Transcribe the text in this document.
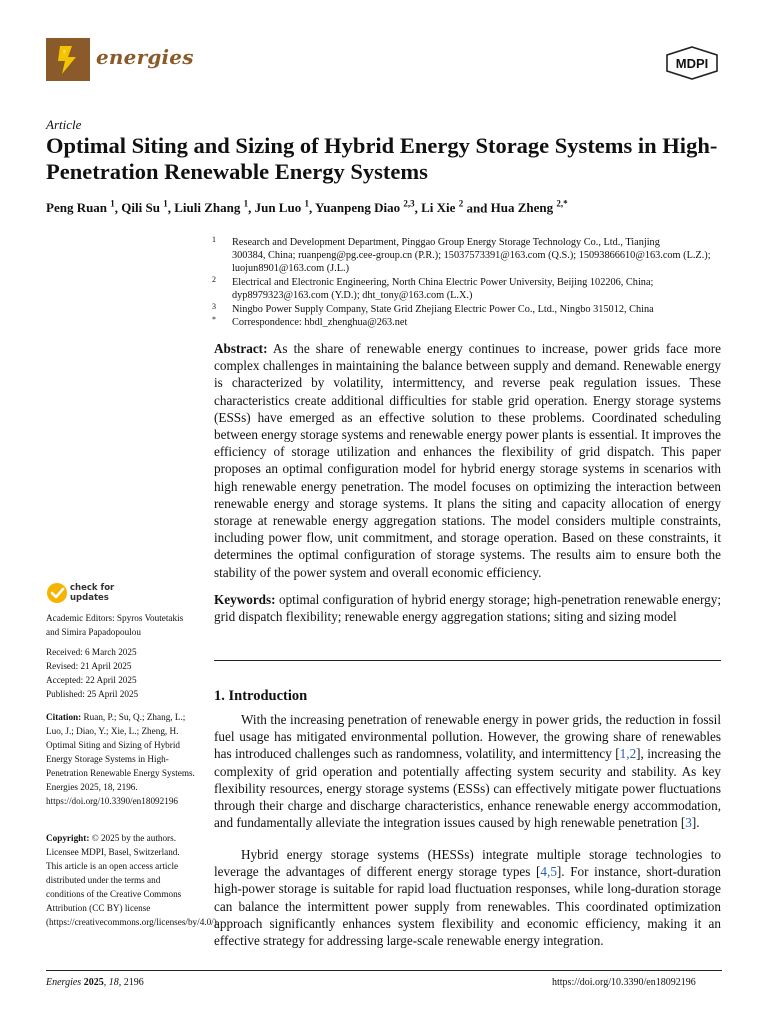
energies	MDPI
Article
Optimal Siting and Sizing of Hybrid Energy Storage Systems in High-Penetration Renewable Energy Systems
Peng Ruan $^1$, Qili Su $^1$, Liuli Zhang $^1$, Jun Luo $^1$, Yuanpeng Diao $^{2,3}$, Li Xie $^2$ and Hua Zheng $^{2,*}$
1	Research and Development Department, Pinggao Group Energy Storage Technology Co., Ltd., Tianjing
300384, China; ruanpeng@pg.cee-group.cn (P.R.); 15037573391@163.com (Q.S.); 15093866610@163.com (L.Z.);
luojun8901@163.com (J.L.)
2	Electrical and Electronic Engineering, North China Electric Power University, Beijing 102206, China;
dyp8979323@163.com (Y.D.); dht_tony@163.com (L.X.)
3	Ningbo Power Supply Company, State Grid Zhejiang Electric Power Co., Ltd., Ningbo 315012, China
*	Correspondence: hbdl_zhenghua@263.net
Abstract: As the share of renewable energy continues to increase, power grids face more complex challenges in maintaining the balance between supply and demand. Renewable energy is characterized by volatility, intermittency, and reverse peak regulation issues. These characteristics create additional difficulties for stable grid operation. Energy storage systems (ESSs) have emerged as an effective solution to these problems. Coordinated scheduling between energy storage systems and renewable energy power plants is essential. It improves the efficiency of storage utilization and enhances the flexibility of grid dispatch. This paper proposes an optimal configuration model for hybrid energy storage systems in scenarios with high renewable energy penetration. The model focuses on optimizing the interaction between renewable energy and storage systems. It plans the siting and capacity allocation of energy storage at renewable energy aggregation stations. The model considers multiple constraints, including power flow, unit commitment, and storage operation. Based on these constraints, it determines the optimal configuration of storage systems. The results aim to ensure both the stability of the power system and overall economic efficiency.
Keywords: optimal configuration of hybrid energy storage; high-penetration renewable energy; grid dispatch flexibility; renewable energy aggregation stations; siting and sizing model
1. Introduction
With the increasing penetration of renewable energy in power grids, the reduction in fossil fuel usage has mitigated environmental pollution. However, the growing share of renewables has introduced challenges such as randomness, volatility, and intermittency [1,2], increasing the complexity of grid operation and potentially affecting system security and stability. As key flexibility resources, energy storage systems (ESSs) can effectively mitigate power fluctuations through their charge and discharge characteristics, enhance renewable energy accommodation, and fundamentally alleviate the integration issues caused by high renewable penetration [3].
Hybrid energy storage systems (HESSs) integrate multiple storage technologies to leverage the advantages of different energy storage types [4,5]. For instance, short-duration high-power storage is suitable for rapid load fluctuation responses, while long-duration storage can balance the intermittent power supply from renewables. This coordinated optimization approach significantly enhances system flexibility and economic efficiency, making it an effective strategy for addressing large-scale renewable energy integration.
check for
updates
Academic Editors: Spyros Voutetakis and Simira Papadopoulou
Received: 6 March 2025
Revised: 21 April 2025
Accepted: 22 April 2025
Published: 25 April 2025
Citation: Ruan, P.; Su, Q.; Zhang, L.; Luo, J.; Diao, Y.; Xie, L.; Zheng, H. Optimal Siting and Sizing of Hybrid Energy Storage Systems in High-Penetration Renewable Energy Systems. Energies 2025, 18, 2196. https://doi.org/10.3390/en18092196
Copyright: © 2025 by the authors. Licensee MDPI, Basel, Switzerland. This article is an open access article distributed under the terms and conditions of the Creative Commons Attribution (CC BY) license (https://creativecommons.org/licenses/by/4.0/).
Energies 2025, 18, 2196	https://doi.org/10.3390/en18092196
